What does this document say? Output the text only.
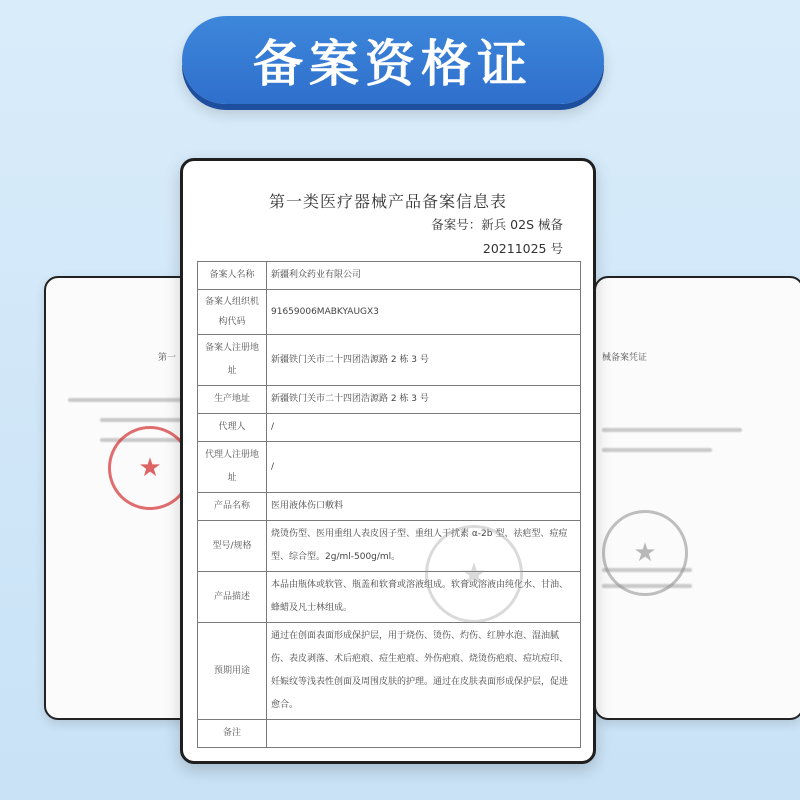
备案资格证
第一
★
械备案凭证
★
第一类医疗器械产品备案信息表
备案号：新兵 02S 械备
20211025 号
备案人名称	新疆利众药业有限公司
备案人组织机构代码	91659006MABKYAUGX3
备案人注册地址	新疆铁门关市二十四团浩源路 2 栋 3 号
生产地址	新疆铁门关市二十四团浩源路 2 栋 3 号
代理人	/
代理人注册地址	/
产品名称	医用液体伤口敷料
型号/规格	烧烫伤型、医用重组人表皮因子型、重组人干扰素 α-2b 型、祛疤型、痘痘型、综合型。2g/ml-500g/ml。
产品描述	本品由瓶体或软管、瓶盖和软膏或溶液组成。软膏或溶液由纯化水、甘油、蜂蜡及凡士林组成。
预期用途	通过在创面表面形成保护层，用于烧伤、烫伤、灼伤、红肿水泡、湿油腻伤、表皮剥落、术后疤痕、痘生疤痕、外伤疤痕、烧烫伤疤痕、痘坑痘印、妊娠纹等浅表性创面及周围皮肤的护理。通过在皮肤表面形成保护层，促进愈合。
备注	
★
